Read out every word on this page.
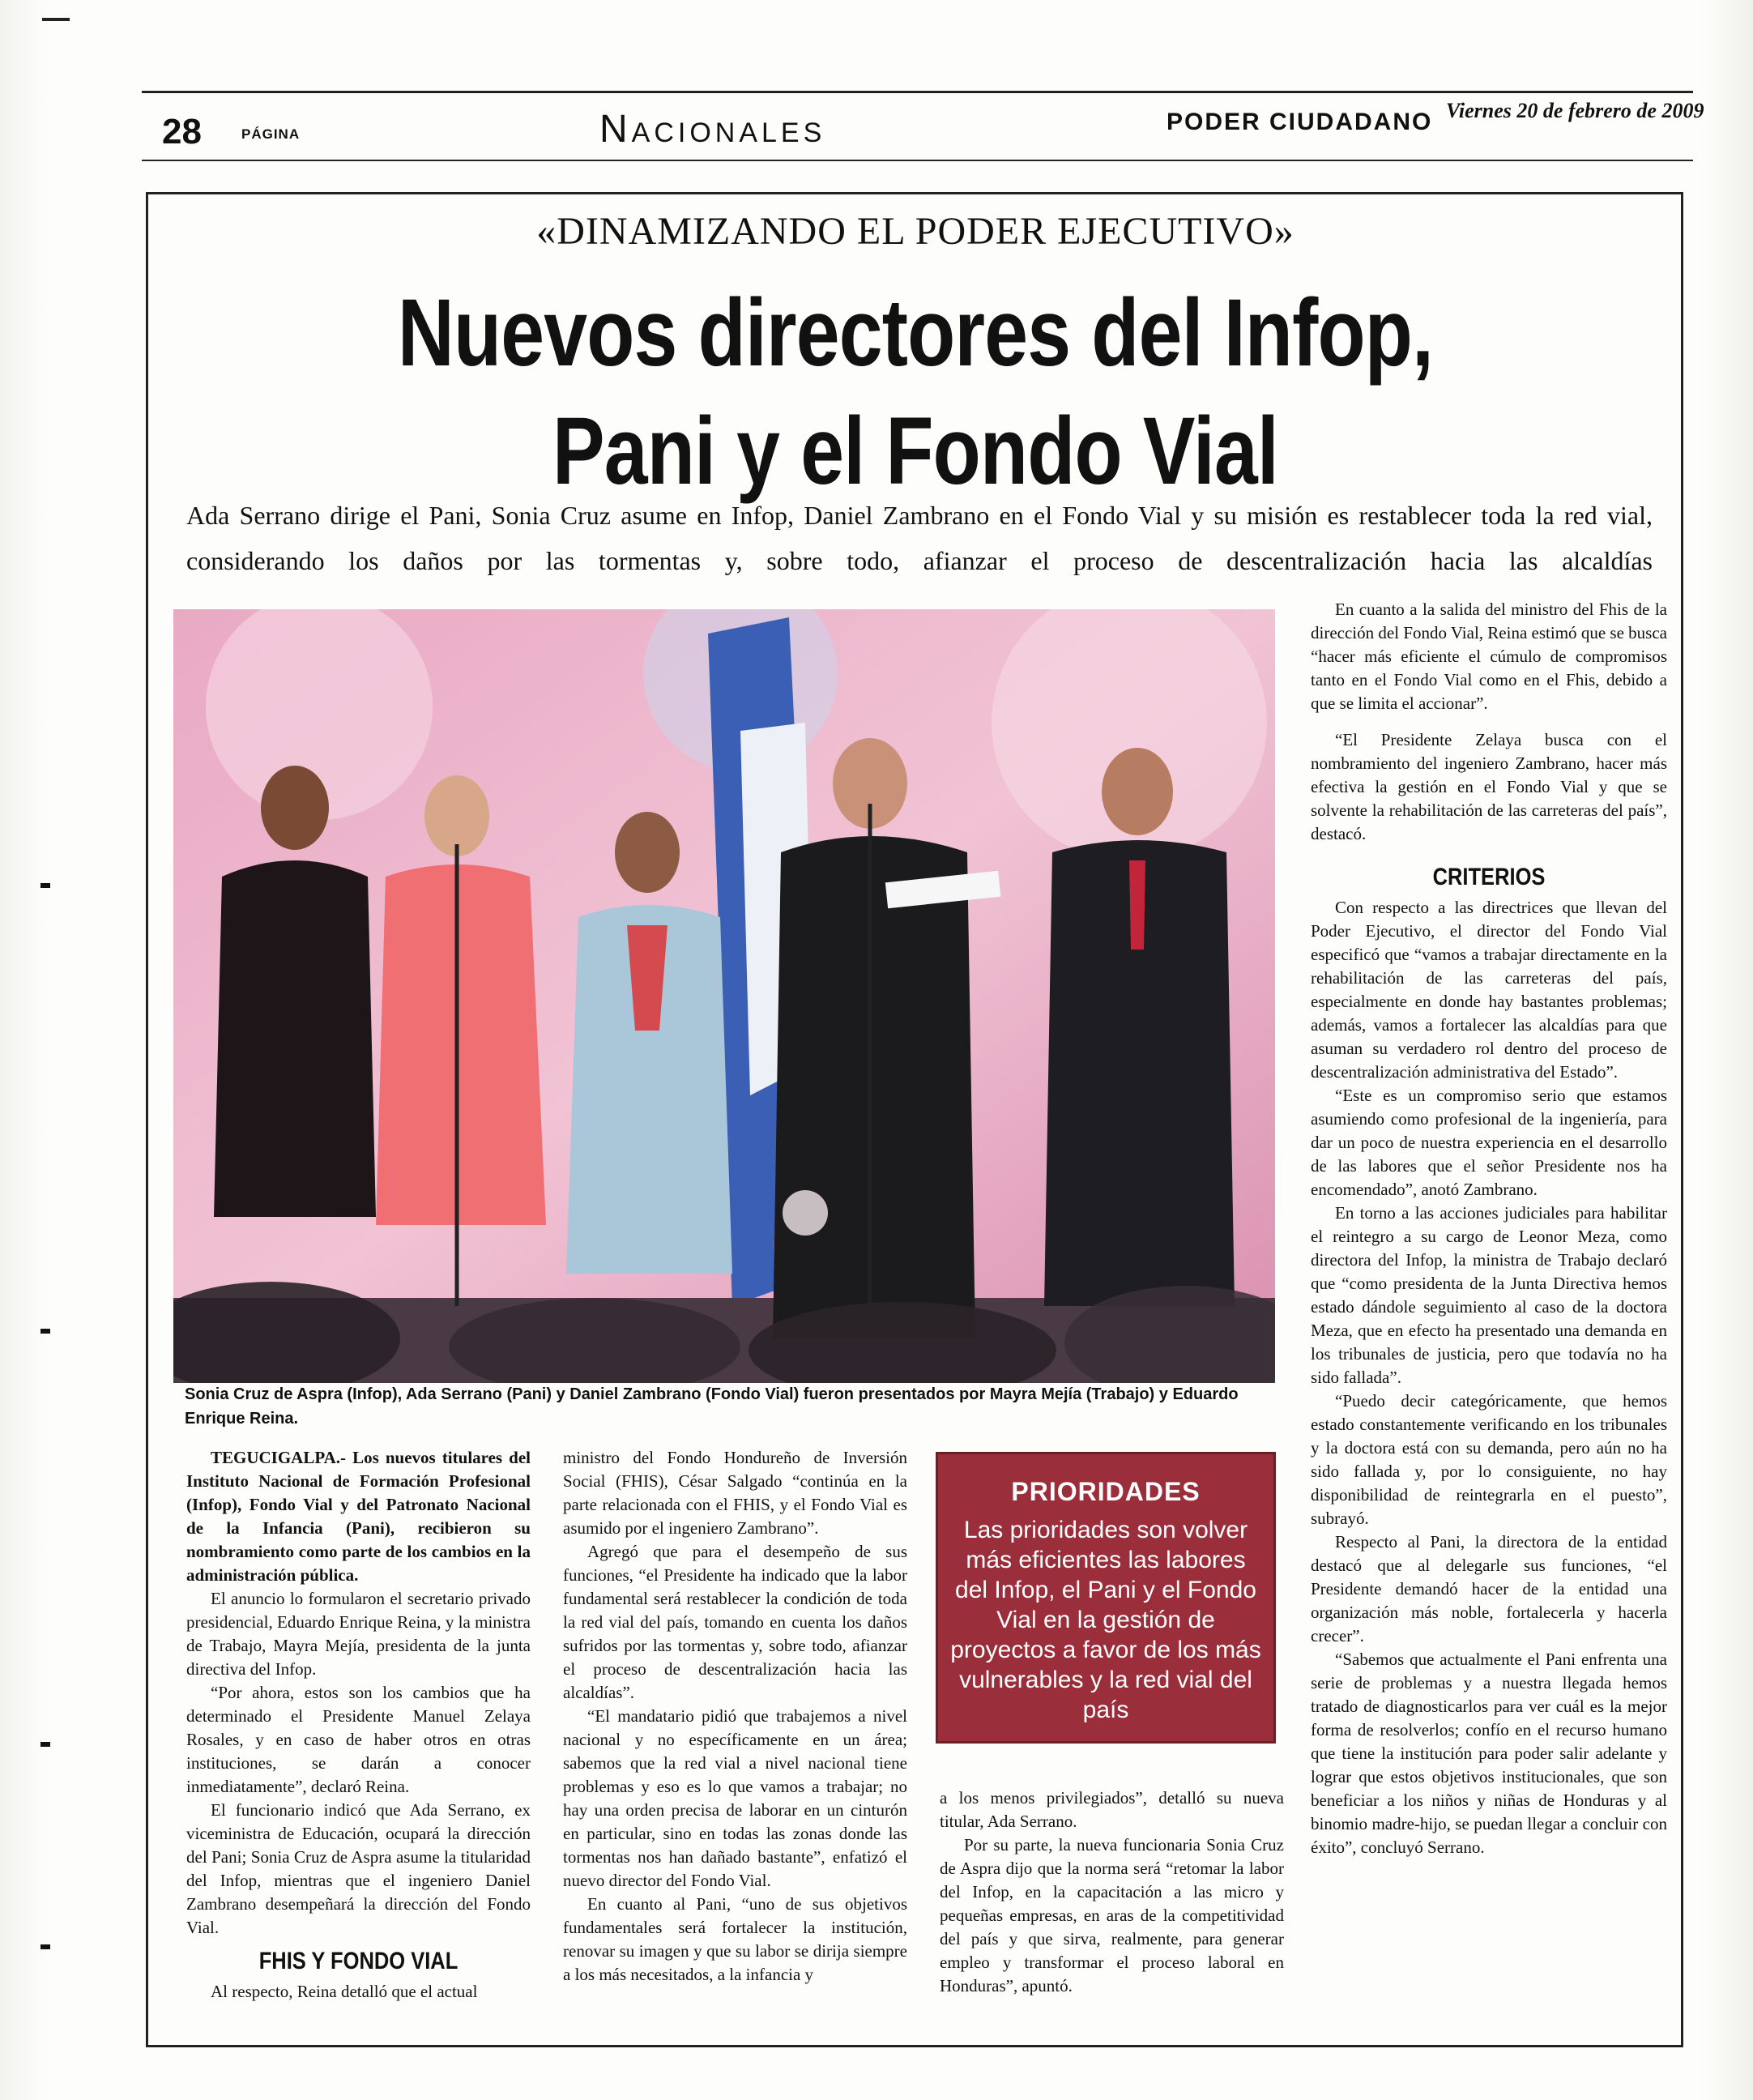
28	PÁGINA	Nacionales	PODER CIUDADANO Viernes 20 de febrero de 2009
«DINAMIZANDO EL PODER EJECUTIVO»
Nuevos directores del Infop,
Pani y el Fondo Vial
Ada Serrano dirige el Pani, Sonia Cruz asume en Infop, Daniel Zambrano en el Fondo Vial y su misión es restablecer toda la red vial, considerando los daños por las tormentas y, sobre todo, afianzar el proceso de descentralización hacia las alcaldías
Sonia Cruz de Aspra (Infop), Ada Serrano (Pani) y Daniel Zambrano (Fondo Vial) fueron presentados por Mayra Mejía (Trabajo) y Eduardo Enrique Reina.

TEGUCIGALPA.- Los nuevos titulares del Instituto Nacional de Formación Profesional (Infop), Fondo Vial y del Patronato Nacional de la Infancia (Pani), recibieron su nombramiento como parte de los cambios en la administración pública.

El anuncio lo formularon el secretario privado presidencial, Eduardo Enrique Reina, y la ministra de Trabajo, Mayra Mejía, presidenta de la junta directiva del Infop.

“Por ahora, estos son los cambios que ha determinado el Presidente Manuel Zelaya Rosales, y en caso de haber otros en otras instituciones, se darán a conocer inmediatamente”, declaró Reina.

El funcionario indicó que Ada Serrano, ex viceministra de Educación, ocupará la dirección del Pani; Sonia Cruz de Aspra asume la titularidad del Infop, mientras que el ingeniero Daniel Zambrano desempeñará la dirección del Fondo Vial.

FHIS Y FONDO VIAL

Al respecto, Reina detalló que el actual

ministro del Fondo Hondureño de Inversión Social (FHIS), César Salgado “continúa en la parte relacionada con el FHIS, y el Fondo Vial es asumido por el ingeniero Zambrano”.

Agregó que para el desempeño de sus funciones, “el Presidente ha indicado que la labor fundamental será restablecer la condición de toda la red vial del país, tomando en cuenta los daños sufridos por las tormentas y, sobre todo, afianzar el proceso de descentralización hacia las alcaldías”.

“El mandatario pidió que trabajemos a nivel nacional y no específicamente en un área; sabemos que la red vial a nivel nacional tiene problemas y eso es lo que vamos a trabajar; no hay una orden precisa de laborar en un cinturón en particular, sino en todas las zonas donde las tormentas nos han dañado bastante”, enfatizó el nuevo director del Fondo Vial.

En cuanto al Pani, “uno de sus objetivos fundamentales será fortalecer la institución, renovar su imagen y que su labor se dirija siempre a los más necesitados, a la infancia y

PRIORIDADES
Las prioridades son volver más eficientes las labores del Infop, el Pani y el Fondo Vial en la gestión de proyectos a favor de los más vulnerables y la red vial del país

a los menos privilegiados”, detalló su nueva titular, Ada Serrano.

Por su parte, la nueva funcionaria Sonia Cruz de Aspra dijo que la norma será “retomar la labor del Infop, en la capacitación a las micro y pequeñas empresas, en aras de la competitividad del país y que sirva, realmente, para generar empleo y transformar el proceso laboral en Honduras”, apuntó.

En cuanto a la salida del ministro del Fhis de la dirección del Fondo Vial, Reina estimó que se busca “hacer más eficiente el cúmulo de compromisos tanto en el Fondo Vial como en el Fhis, debido a que se limita el accionar”.

“El Presidente Zelaya busca con el nombramiento del ingeniero Zambrano, hacer más efectiva la gestión en el Fondo Vial y que se solvente la rehabilitación de las carreteras del país”, destacó.

CRITERIOS

Con respecto a las directrices que llevan del Poder Ejecutivo, el director del Fondo Vial especificó que “vamos a trabajar directamente en la rehabilitación de las carreteras del país, especialmente en donde hay bastantes problemas; además, vamos a fortalecer las alcaldías para que asuman su verdadero rol dentro del proceso de descentralización administrativa del Estado”.

“Este es un compromiso serio que estamos asumiendo como profesional de la ingeniería, para dar un poco de nuestra experiencia en el desarrollo de las labores que el señor Presidente nos ha encomendado”, anotó Zambrano.

En torno a las acciones judiciales para habilitar el reintegro a su cargo de Leonor Meza, como directora del Infop, la ministra de Trabajo declaró que “como presidenta de la Junta Directiva hemos estado dándole seguimiento al caso de la doctora Meza, que en efecto ha presentado una demanda en los tribunales de justicia, pero que todavía no ha sido fallada”.

“Puedo decir categóricamente, que hemos estado constantemente verificando en los tribunales y la doctora está con su demanda, pero aún no ha sido fallada y, por lo consiguiente, no hay disponibilidad de reintegrarla en el puesto”, subrayó.

Respecto al Pani, la directora de la entidad destacó que al delegarle sus funciones, “el Presidente demandó hacer de la entidad una organización más noble, fortalecerla y hacerla crecer”.

“Sabemos que actualmente el Pani enfrenta una serie de problemas y a nuestra llegada hemos tratado de diagnosticarlos para ver cuál es la mejor forma de resolverlos; confío en el recurso humano que tiene la institución para poder salir adelante y lograr que estos objetivos institucionales, que son beneficiar a los niños y niñas de Honduras y al binomio madre-hijo, se puedan llegar a concluir con éxito”, concluyó Serrano.
